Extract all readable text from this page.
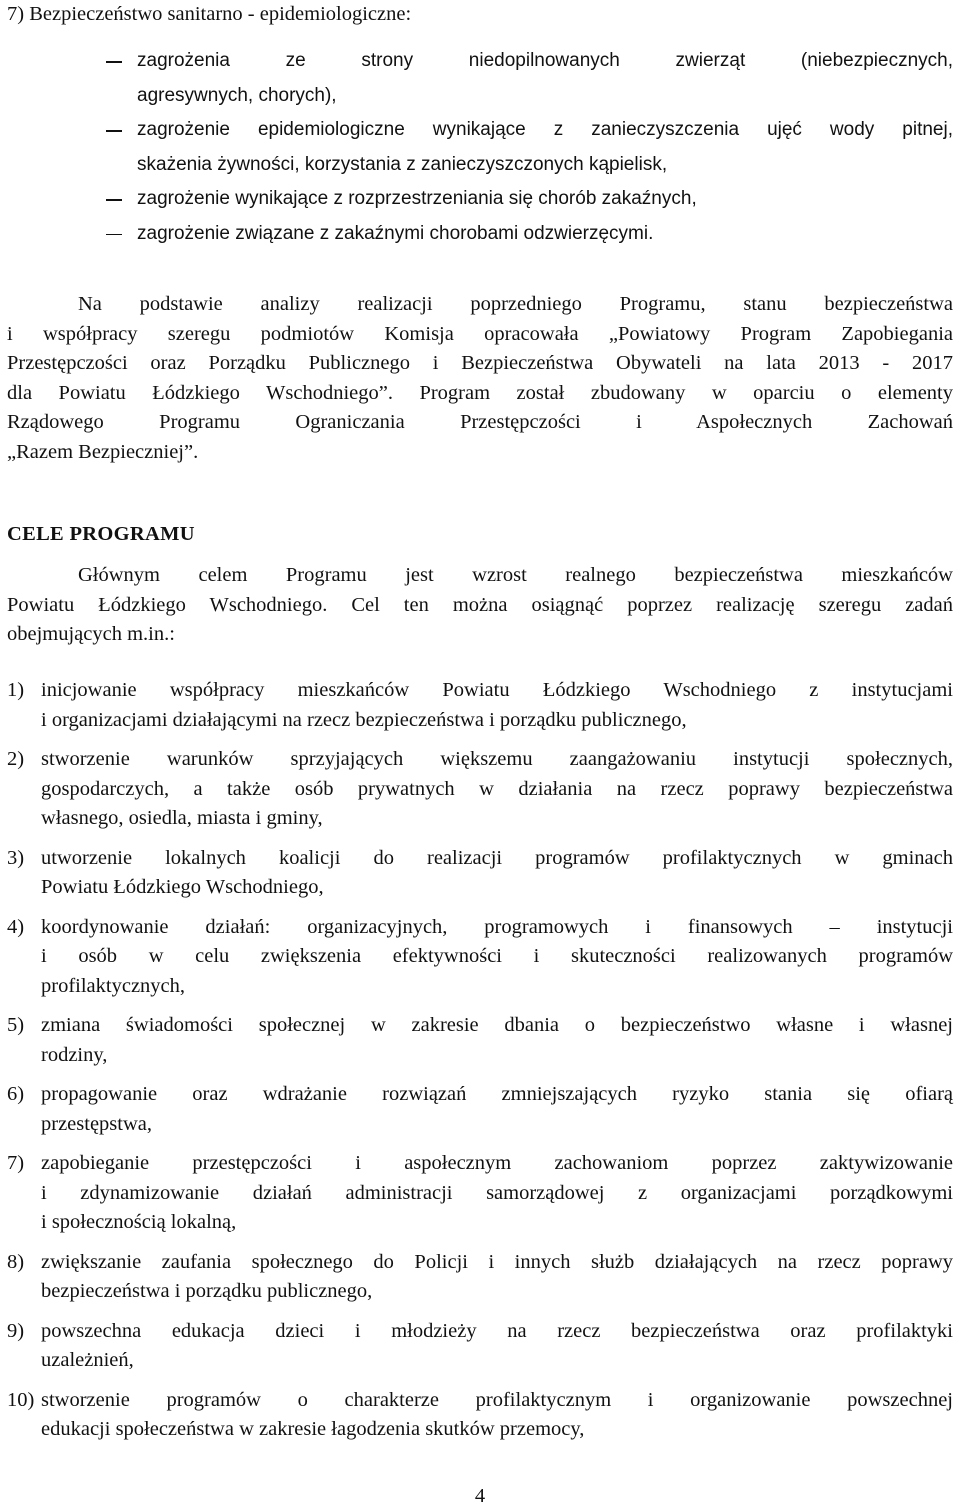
7) Bezpieczeństwo sanitarno - epidemiologiczne:
zagrożenia ze strony niedopilnowanych zwierząt (niebezpiecznych,
agresywnych, chorych),
zagrożenie epidemiologiczne wynikające z zanieczyszczenia ujęć wody pitnej,
skażenia żywności, korzystania z zanieczyszczonych kąpielisk,
zagrożenie wynikające z rozprzestrzeniania się chorób zakaźnych,
zagrożenie związane z zakaźnymi chorobami odzwierzęcymi.
Na podstawie analizy realizacji poprzedniego Programu, stanu bezpieczeństwa
i współpracy szeregu podmiotów Komisja opracowała „Powiatowy Program Zapobiegania
Przestępczości oraz Porządku Publicznego i Bezpieczeństwa Obywateli na lata 2013 - 2017
dla Powiatu Łódzkiego Wschodniego”. Program został zbudowany w oparciu o elementy
Rządowego Programu Ograniczania Przestępczości i Aspołecznych Zachowań
„Razem Bezpieczniej”.
CELE PROGRAMU
Głównym celem Programu jest wzrost realnego bezpieczeństwa mieszkańców
Powiatu Łódzkiego Wschodniego. Cel ten można osiągnąć poprzez realizację szeregu zadań
obejmujących m.in.:
1) inicjowanie współpracy mieszkańców Powiatu Łódzkiego Wschodniego z instytucjami
i organizacjami działającymi na rzecz bezpieczeństwa i porządku publicznego,
2) stworzenie warunków sprzyjających większemu zaangażowaniu instytucji społecznych,
gospodarczych, a także osób prywatnych w działania na rzecz poprawy bezpieczeństwa
własnego, osiedla, miasta i gminy,
3) utworzenie lokalnych koalicji do realizacji programów profilaktycznych w gminach
Powiatu Łódzkiego Wschodniego,
4) koordynowanie działań: organizacyjnych, programowych i finansowych – instytucji
i osób w celu zwiększenia efektywności i skuteczności realizowanych programów
profilaktycznych,
5) zmiana świadomości społecznej w zakresie dbania o bezpieczeństwo własne i własnej
rodziny,
6) propagowanie oraz wdrażanie rozwiązań zmniejszających ryzyko stania się ofiarą
przestępstwa,
7) zapobieganie przestępczości i aspołecznym zachowaniom poprzez zaktywizowanie
i zdynamizowanie działań administracji samorządowej z organizacjami porządkowymi
i społecznością lokalną,
8) zwiększanie zaufania społecznego do Policji i innych służb działających na rzecz poprawy
bezpieczeństwa i porządku publicznego,
9) powszechna edukacja dzieci i młodzieży na rzecz bezpieczeństwa oraz profilaktyki
uzależnień,
10) stworzenie programów o charakterze profilaktycznym i organizowanie powszechnej
edukacji społeczeństwa w zakresie łagodzenia skutków przemocy,
4
